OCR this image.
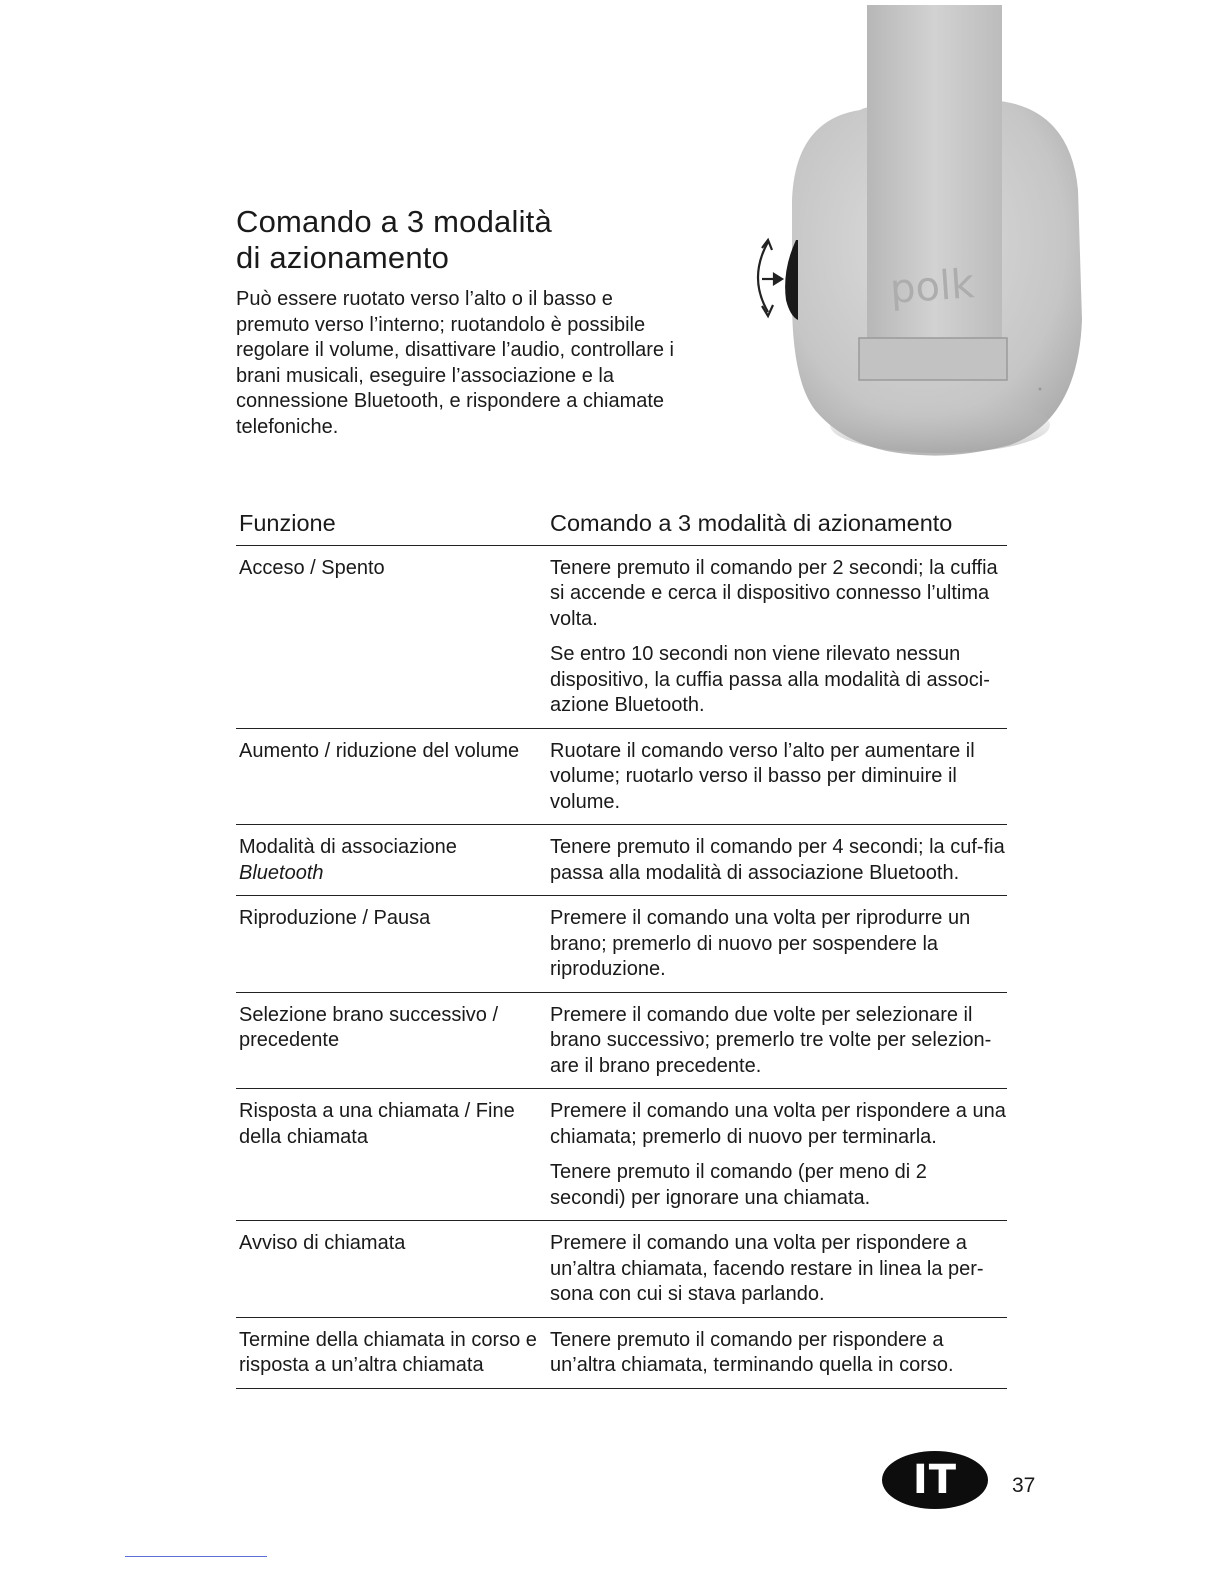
Comando a 3 modalità
di azionamento

Può essere ruotato verso l’alto o il basso e premuto verso l’interno; ruotandolo è possibile regolare il volume, disattivare l’audio, controllare i brani musicali, eseguire l’associazione e la connessione Bluetooth, e rispondere a chiamate telefoniche.

polk
Funzione	Comando a 3 modalità di azionamento
Acceso / Spento	Tenere premuto il comando per 2 secondi; la cuffia si accende e cerca il dispositivo connesso l’ultima volta.
Se entro 10 secondi non viene rilevato nessun dispositivo, la cuffia passa alla modalità di associ-azione Bluetooth.

Aumento / riduzione del volume	Ruotare il comando verso l’alto per aumentare il volume; ruotarlo verso il basso per diminuire il volume.

Modalità di associazione
Bluetooth	Tenere premuto il comando per 4 secondi; la cuf-fia passa alla modalità di associazione Bluetooth.

Riproduzione / Pausa	Premere il comando una volta per riprodurre un brano; premerlo di nuovo per sospendere la riproduzione.

Selezione brano successivo / precedente	Premere il comando due volte per selezionare il brano successivo; premerlo tre volte per selezion-are il brano precedente.

Risposta a una chiamata / Fine della chiamata	Premere il comando una volta per rispondere a una chiamata; premerlo di nuovo per terminarla.
Tenere premuto il comando (per meno di 2 secondi) per ignorare una chiamata.

Avviso di chiamata	Premere il comando una volta per rispondere a un’altra chiamata, facendo restare in linea la per-sona con cui si stava parlando.

Termine della chiamata in corso e risposta a un’altra chiamata	Tenere premuto il comando per rispondere a un’altra chiamata, terminando quella in corso.
IT	37
